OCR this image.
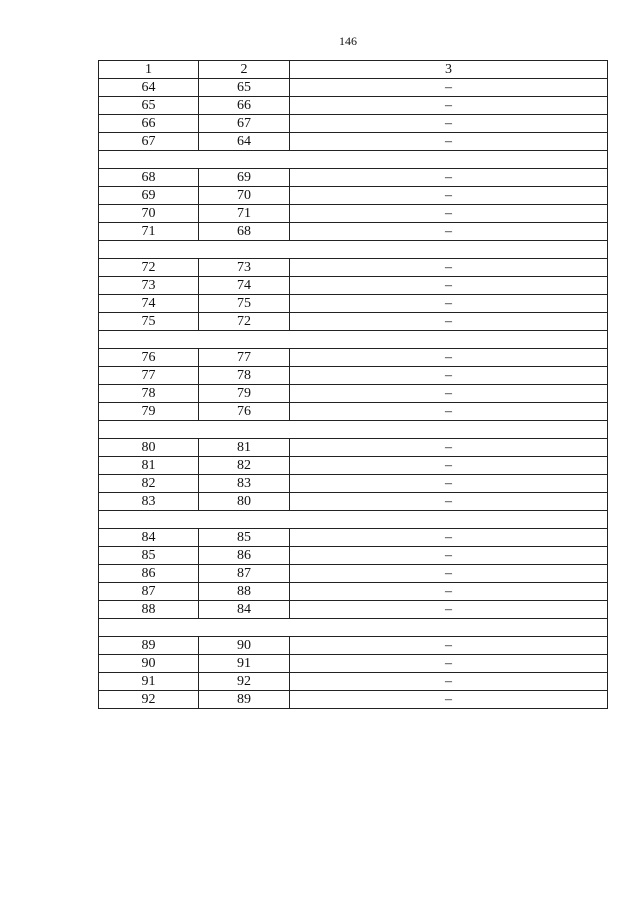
146
1	2	3
64	65	–
65	66	–
66	67	–
67	64	–

68	69	–
69	70	–
70	71	–
71	68	–

72	73	–
73	74	–
74	75	–
75	72	–

76	77	–
77	78	–
78	79	–
79	76	–

80	81	–
81	82	–
82	83	–
83	80	–

84	85	–
85	86	–
86	87	–
87	88	–
88	84	–

89	90	–
90	91	–
91	92	–
92	89	–
